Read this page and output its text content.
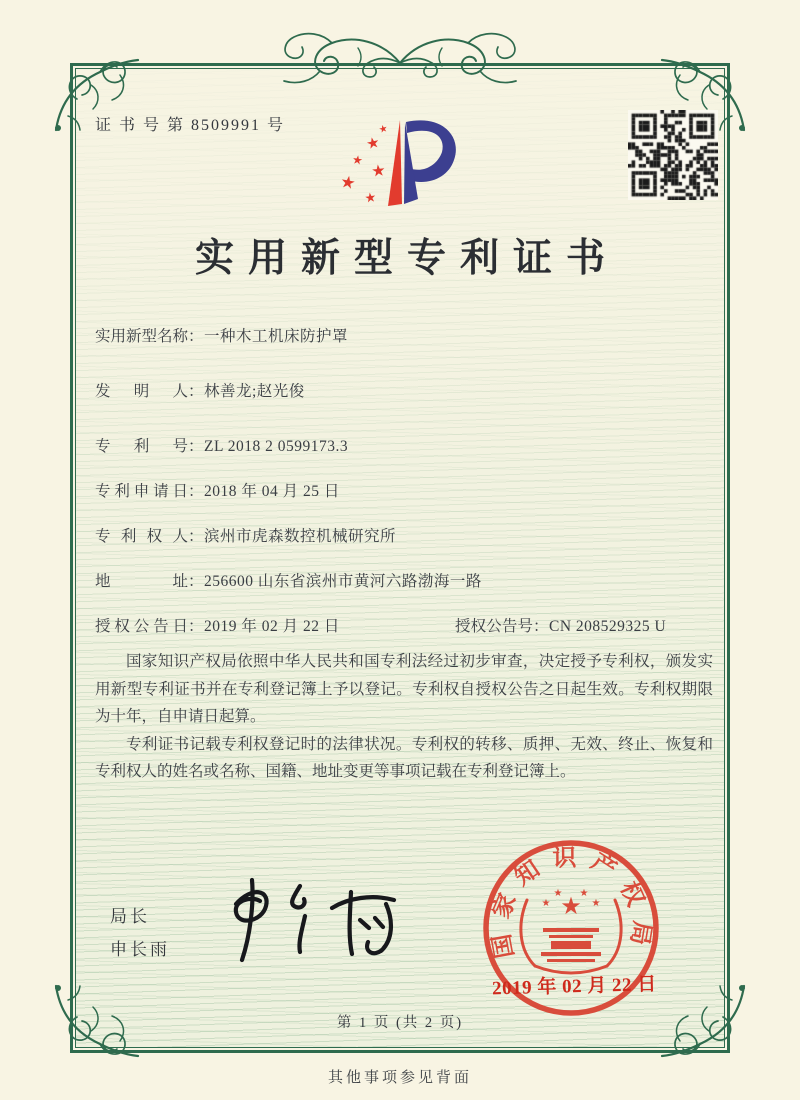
证 书 号 第 8509991 号	★
★
★
★
★
★
实用新型专利证书
实用新型名称：一种木工机床防护罩
发明人：林善龙;赵光俊
专利号：ZL 2018 2 0599173.3
专利申请日：2018 年 04 月 25 日
专利权人：滨州市虎森数控机械研究所
地址：256600 山东省滨州市黄河六路渤海一路
授权公告日：2019 年 02 月 22 日	授权公告号：CN 208529325 U

国家知识产权局依照中华人民共和国专利法经过初步审查，决定授予专利权，颁发实用新型专利证书并在专利登记簿上予以登记。专利权自授权公告之日起生效。专利权期限为十年，自申请日起算。

专利证书记载专利权登记时的法律状况。专利权的转移、质押、无效、终止、恢复和专利权人的姓名或名称、国籍、地址变更等事项记载在专利登记簿上。

局长
申长雨	国家知识产权局
★
★
★ ★
★
2019 年 02 月 22 日
第 1 页 (共 2 页)
其他事项参见背面
